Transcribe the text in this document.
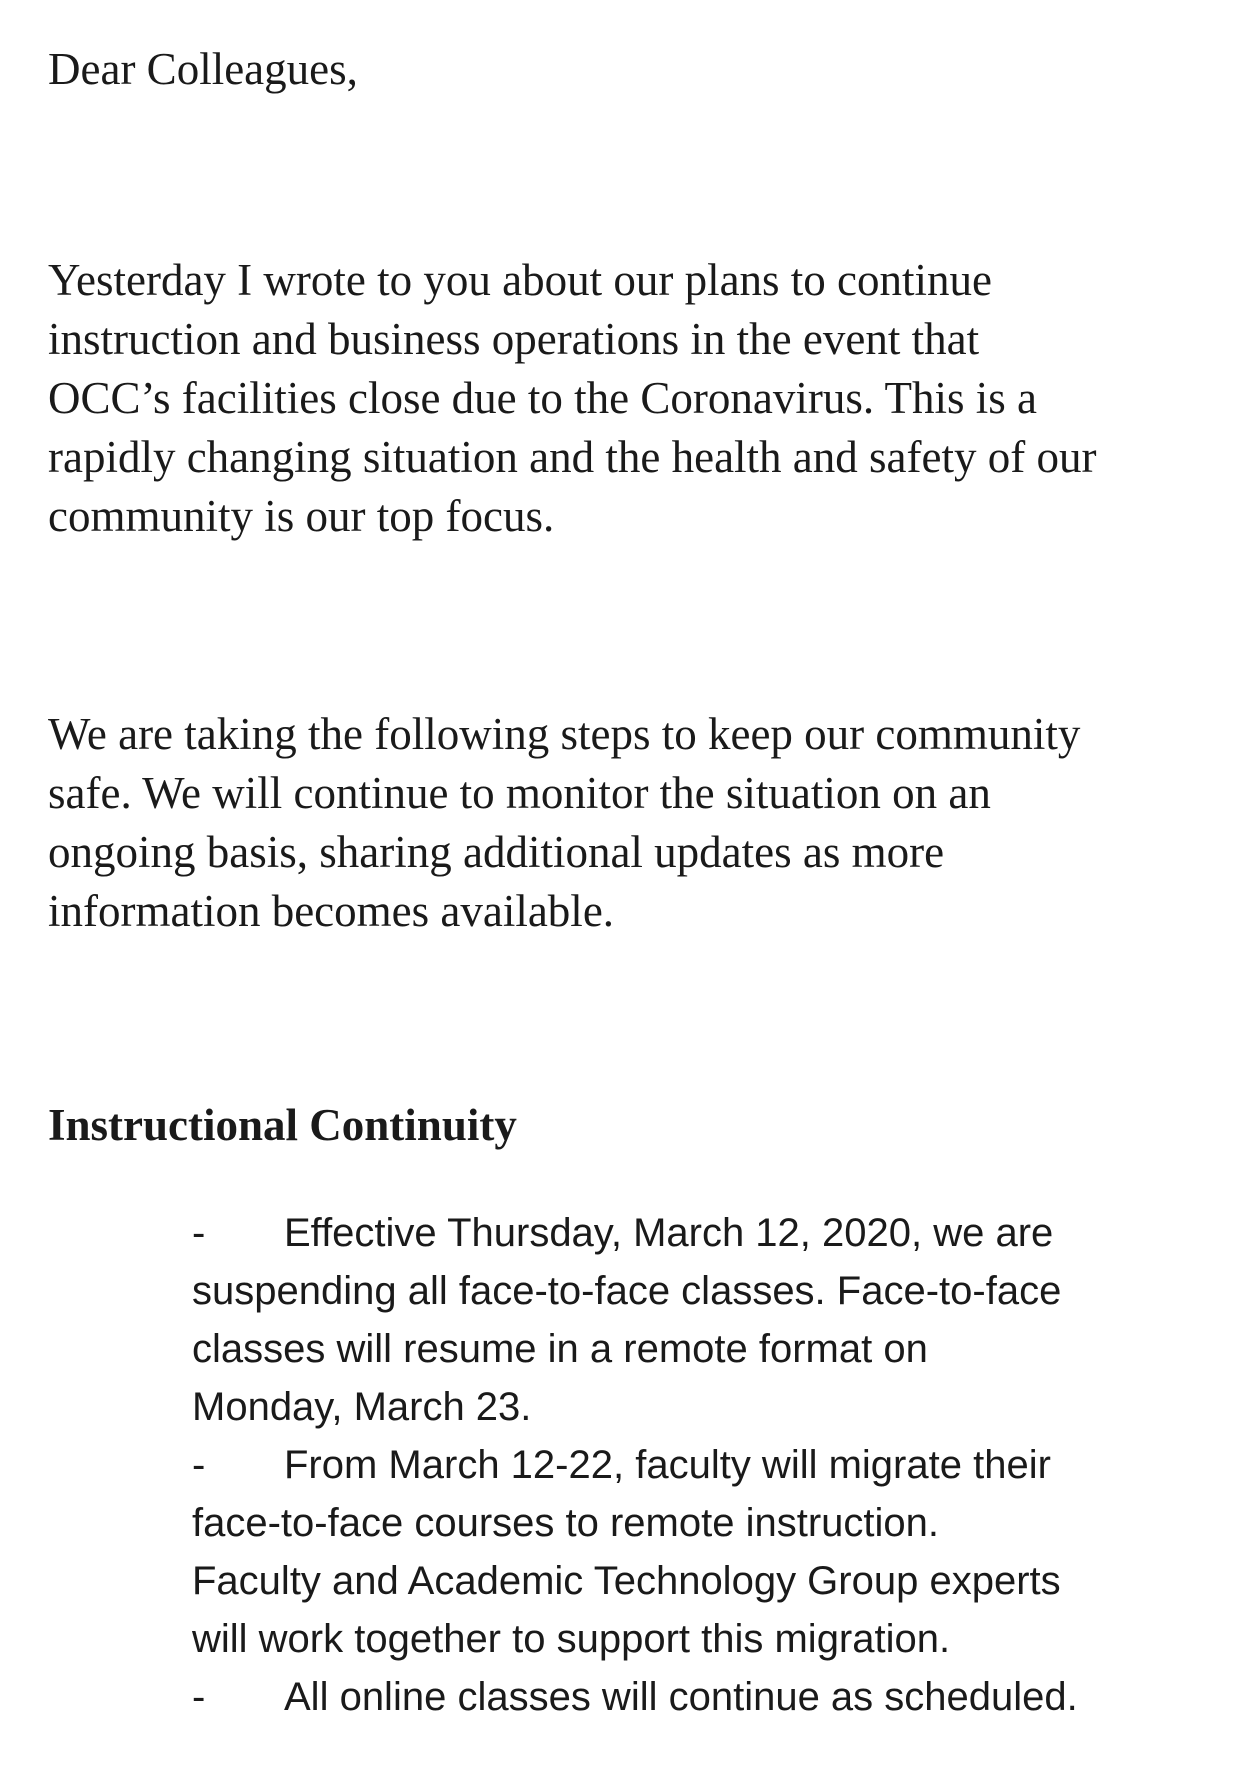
Dear Colleagues,

Yesterday I wrote to you about our plans to continue
instruction and business operations in the event that
OCC’s facilities close due to the Coronavirus. This is a
rapidly changing situation and the health and safety of our
community is our top focus.

We are taking the following steps to keep our community
safe. We will continue to monitor the situation on an
ongoing basis, sharing additional updates as more
information becomes available.

Instructional Continuity
- Effective Thursday, March 12, 2020, we are
suspending all face-to-face classes. Face-to-face
classes will resume in a remote format on
Monday, March 23.
- From March 12-22, faculty will migrate their
face-to-face courses to remote instruction.
Faculty and Academic Technology Group experts
will work together to support this migration.
- All online classes will continue as scheduled.
